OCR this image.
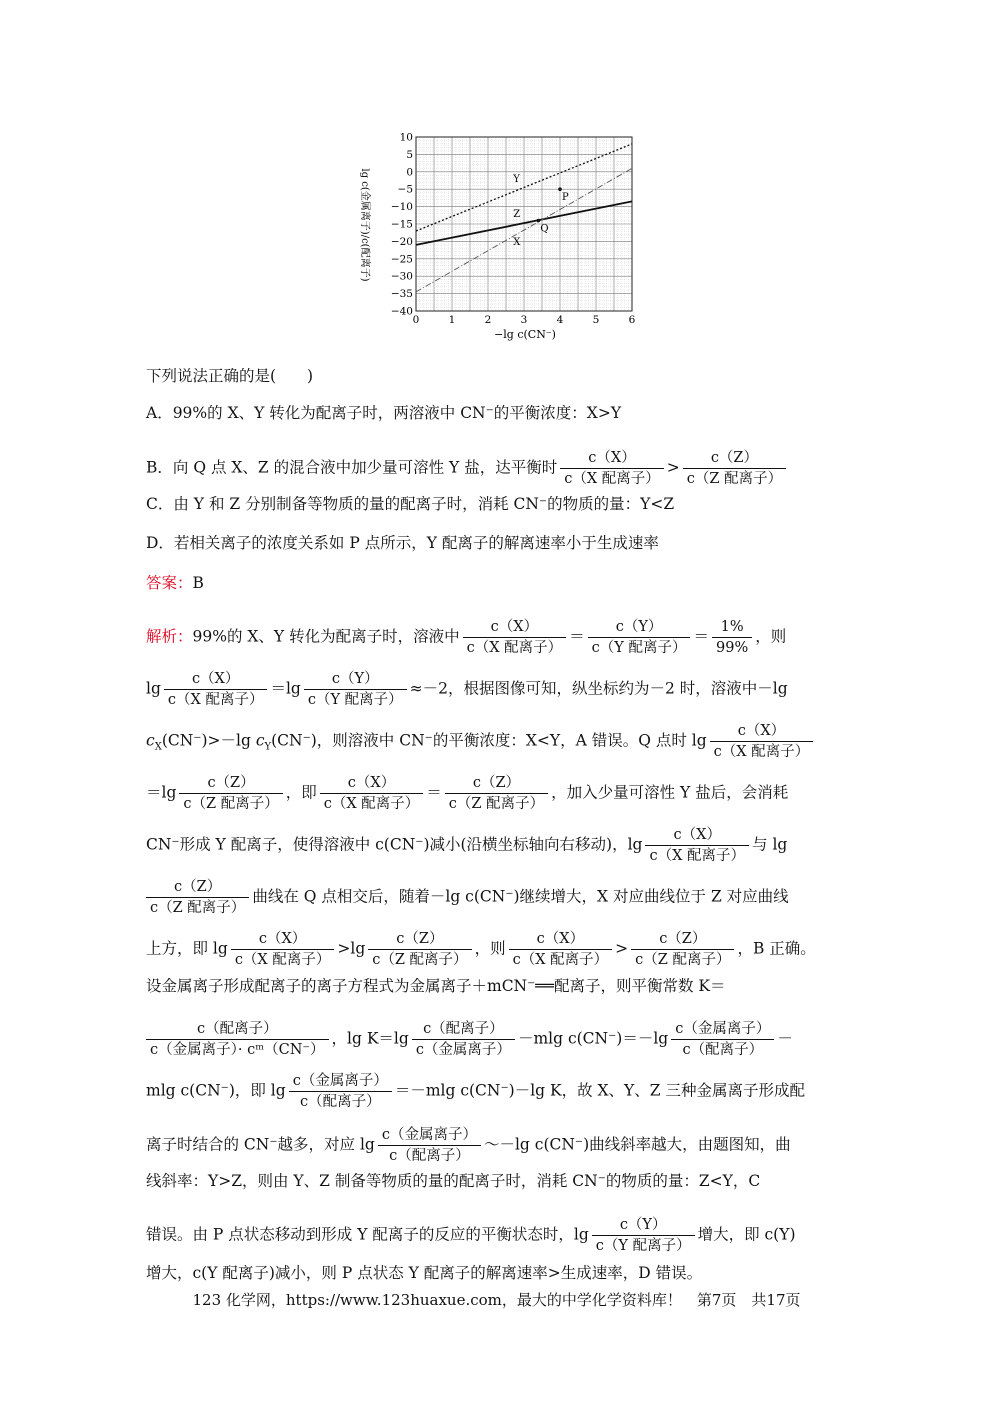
0	1	2	3	4	5	6
10
5
0
−5
−10
−15
−20
−25
−30
−35
−40
Y
Z
X
P
Q
−lg c(CN⁻)
lg c(金属离子)/c(配离子)
下列说法正确的是(　　)
A．99%的 X、Y 转化为配离子时，两溶液中 CN⁻的平衡浓度：X>Y
B．向 Q 点 X、Z 的混合液中加少量可溶性 Y 盐，达平衡时 $\frac{c(X)}{\text{c（X 配离子）}} > \frac{c(Z)}{\text{c（Z 配离子）}}$
C．由 Y 和 Z 分别制备等物质的量的配离子时，消耗 CN⁻的物质的量：Y<Z
D．若相关离子的浓度关系如 P 点所示，Y 配离子的解离速率小于生成速率
答案：B
解析：99%的 X、Y 转化为配离子时，溶液中 $\frac{c(X)}{\text{c（X 配离子）}} = \frac{c(Y)}{\text{c（Y 配离子）}} = \frac{1\%}{99\%}$ ，则
$\lg \frac{c(X)}{\text{c（X 配离子）}} =\lg \frac{c(Y)}{\text{c（Y 配离子）}} \approx-2$，根据图像可知，纵坐标约为－2 时，溶液中－lg
$c_X(CN^-)>-\lg$ $c_Y(CN^-)$，则溶液中 CN⁻的平衡浓度：X<Y，A 错误。Q 点时 $\lg \frac{c(X)}{\text{c（X 配离子）}}$
$=\lg \frac{c(Z)}{\text{c（Z 配离子）}}$ ，即 $\frac{c(X)}{\text{c（X 配离子）}} = \frac{c(Z)}{\text{c（Z 配离子）}}$ ，加入少量可溶性 Y 盐后，会消耗
CN⁻形成 Y 配离子，使得溶液中 c(CN⁻)减小(沿横坐标轴向右移动)，$\lg \frac{c(X)}{\text{c（X 配离子）}}$ 与 lg
$\frac{c(Z)}{\text{c（Z 配离子）}}$ 曲线在 Q 点相交后，随着－lg c(CN⁻)继续增大，X 对应曲线位于 Z 对应曲线
上方，即 $\lg \frac{c(X)}{\text{c（X 配离子）}} >\lg \frac{c(Z)}{\text{c（Z 配离子）}}$ ，则 $\frac{c(X)}{\text{c（X 配离子）}} > \frac{c(Z)}{\text{c（Z 配离子）}}$ ，B 正确。
设金属离子形成配离子的离子方程式为金属离子＋mCN⁻══配离子，则平衡常数 K＝
$\frac{\text{c（配离子）}}{\text{c（金属离子）· cᵐ（CN⁻）}}$ ，$\lg K=\lg \frac{\text{c（配离子）}}{\text{c（金属离子）}} -mlg$ $c(CN^-)=-\lg \frac{\text{c（金属离子）}}{\text{c（配离子）}}$ －
mlg c(CN⁻)，即 $\lg \frac{\text{c（金属离子）}}{\text{c（配离子）}} =-mlg$ c(CN⁻)－lg K，故 X、Y、Z 三种金属离子形成配
离子时结合的 CN⁻越多，对应 $\lg \frac{\text{c（金属离子）}}{\text{c（配离子）}}$ ～－lg c(CN⁻)曲线斜率越大，由题图知，曲
线斜率：Y>Z，则由 Y、Z 制备等物质的量的配离子时，消耗 CN⁻的物质的量：Z<Y，C
错误。由 P 点状态移动到形成 Y 配离子的反应的平衡状态时，$\lg \frac{c(Y)}{\text{c（Y 配离子）}}$ 增大，即 c(Y)
增大，c(Y 配离子)减小，则 P 点状态 Y 配离子的解离速率>生成速率，D 错误。
123 化学网，https://www.123huaxue.com，最大的中学化学资料库！　第7页　共17页
